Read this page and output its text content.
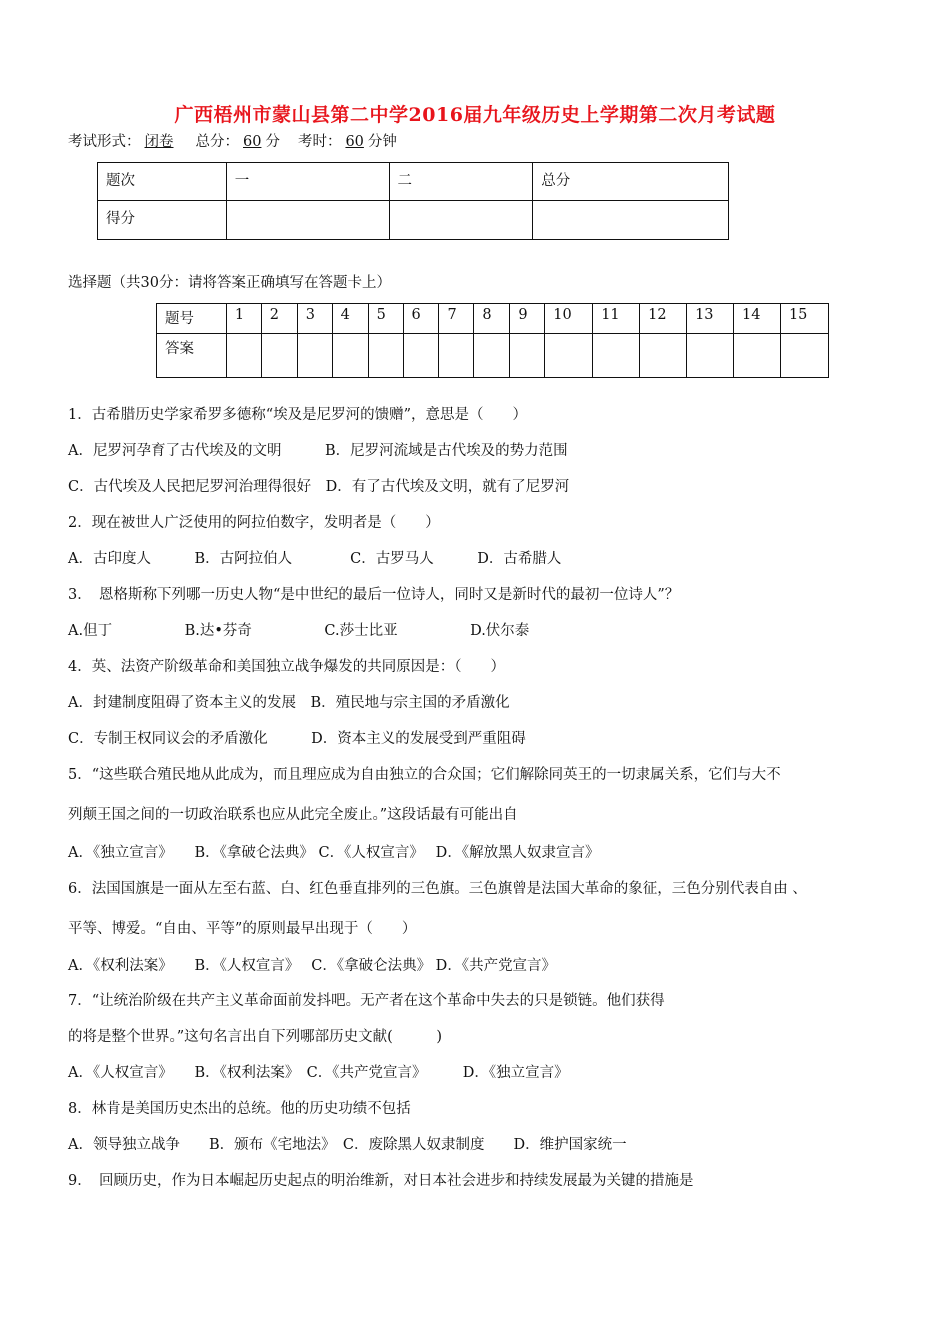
广西梧州市蒙山县第二中学2016届九年级历史上学期第二次月考试题
考试形式： 闭卷 总分： 60 分 考时： 60 分钟
题次	一	二	总分
得分			
选择题（共30分：请将答案正确填写在答题卡上）
题号	1	2	3	4	5	6	7	8	9	10	11	12	13	14	15
答案															
1．古希腊历史学家希罗多德称“埃及是尼罗河的馈赠”，意思是（　　）
A．尼罗河孕育了古代埃及的文明　　　B．尼罗河流域是古代埃及的势力范围
C．古代埃及人民把尼罗河治理得很好　D．有了古代埃及文明，就有了尼罗河
2．现在被世人广泛使用的阿拉伯数字，发明者是（　　）
A．古印度人　　　B．古阿拉伯人　　　　C．古罗马人　　　D．古希腊人
3．　恩格斯称下列哪一历史人物“是中世纪的最后一位诗人，同时又是新时代的最初一位诗人”？
A.但丁　　　　　B.达•芬奇　　　　　C.莎士比亚　　　　　D.伏尔泰
4．英、法资产阶级革命和美国独立战争爆发的共同原因是：（　　）
A．封建制度阻碍了资本主义的发展　B．殖民地与宗主国的矛盾激化
C．专制王权同议会的矛盾激化　　　D．资本主义的发展受到严重阻碍
5．“这些联合殖民地从此成为，而且理应成为自由独立的合众国；它们解除同英王的一切隶属关系，它们与大不
列颠王国之间的一切政治联系也应从此完全废止。”这段话最有可能出自
A．《独立宣言》　　B．《拿破仑法典》 C．《人权宣言》　 D．《解放黑人奴隶宣言》
6．法国国旗是一面从左至右蓝、白、红色垂直排列的三色旗。三色旗曾是法国大革命的象征，三色分别代表自由 、
平等、博爱。“自由、平等”的原则最早出现于（　　）
A．《权利法案》　　B．《人权宣言》　 C．《拿破仑法典》 D．《共产党宣言》
7．“让统治阶级在共产主义革命面前发抖吧。无产者在这个革命中失去的只是锁链。他们获得
的将是整个世界。”这句名言出自下列哪部历史文献(　　　)
A．《人权宣言》　　B．《权利法案》　C．《共产党宣言》　　　D．《独立宣言》
8．林肯是美国历史杰出的总统。他的历史功绩不包括
A．领导独立战争　　B．颁布《宅地法》　C．废除黑人奴隶制度　　D．维护国家统一
9．　回顾历史，作为日本崛起历史起点的明治维新，对日本社会进步和持续发展最为关键的措施是
